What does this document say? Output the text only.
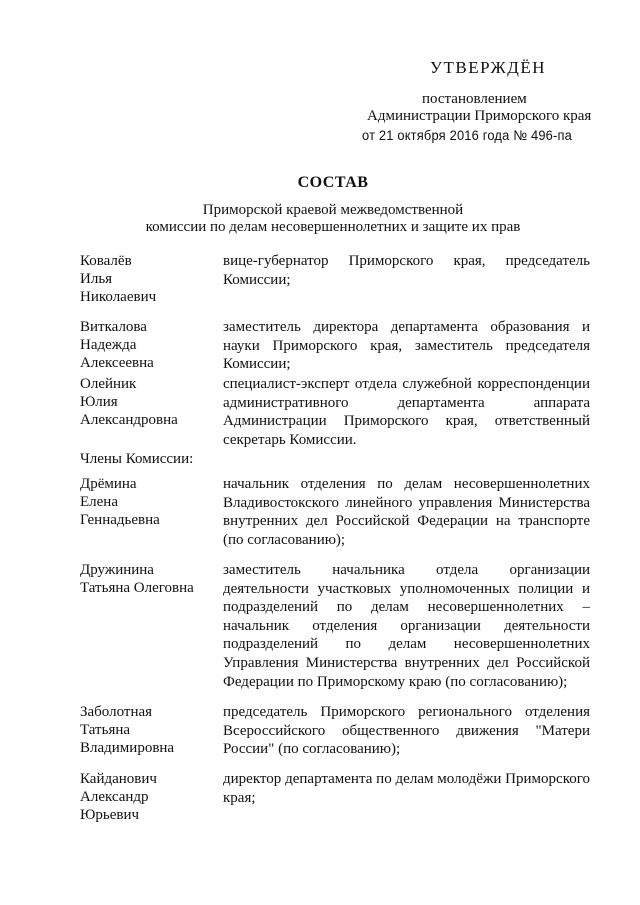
УТВЕРЖДЁН
постановлением
Администрации Приморского края
от 21 октября 2016 года № 496-па
СОСТАВ
Приморской краевой межведомственной
комиссии по делам несовершеннолетних и защите их прав
Ковалёв
Илья
Николаевич
вице-губернатор Приморского края, председатель Комиссии;
Виткалова
Надежда
Алексеевна
заместитель директора департамента образования и науки Приморского края, заместитель председателя Комиссии;
Олейник
Юлия
Александровна
специалист-эксперт отдела служебной корреспонденции административного департамента аппарата Администрации Приморского края, ответственный секретарь Комиссии.
Члены Комиссии:
Дрёмина
Елена
Геннадьевна
начальник отделения по делам несовершеннолетних Владивостокского линейного управления Министерства внутренних дел Российской Федерации на транспорте (по согласованию);
Дружинина
Татьяна Олеговна
заместитель начальника отдела организации деятельности участковых уполномоченных полиции и подразделений по делам несовершеннолетних – начальник отделения организации деятельности подразделений по делам несовершеннолетних Управления Министерства внутренних дел Российской Федерации по Приморскому краю (по согласованию);
Заболотная
Татьяна
Владимировна
председатель Приморского регионального отделения Всероссийского общественного движения "Матери России" (по согласованию);
Кайданович
Александр
Юрьевич
директор департамента по делам молодёжи Приморского края;
